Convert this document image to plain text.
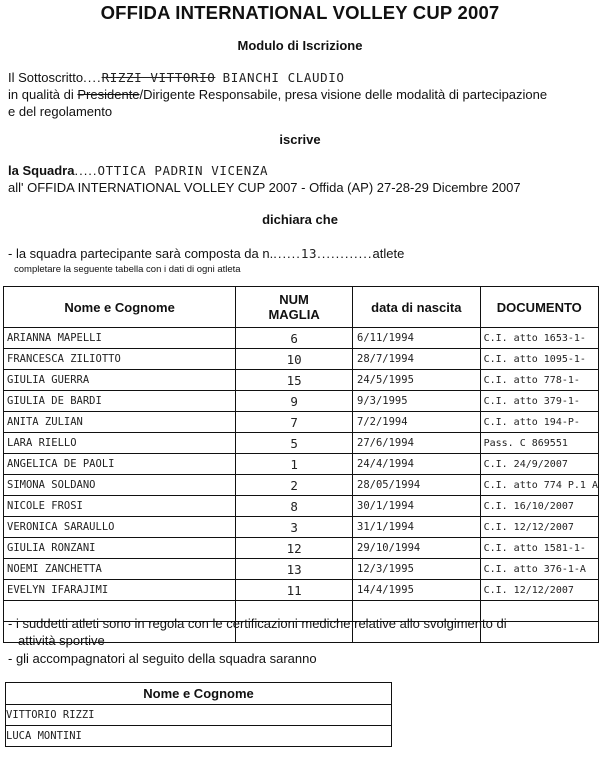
OFFIDA INTERNATIONAL VOLLEY CUP 2007
Modulo di Iscrizione
Il Sottoscritto....RIZZI VITTORIO BIANCHI CLAUDIO
in qualità di Presidente/Dirigente Responsabile, presa visione delle modalità di partecipazione
e del regolamento
iscrive
la Squadra.....OTTICA PADRIN VICENZA
all' OFFIDA INTERNATIONAL VOLLEY CUP 2007 - Offida (AP) 27-28-29 Dicembre 2007
dichiara che
- la squadra partecipante sarà composta da n.......13............atlete
completare la seguente tabella con i dati di ogni atleta
Nome e Cognome	NUM MAGLIA	data di nascita	DOCUMENTO
ARIANNA MAPELLI	6	6/11/1994	C.I. atto 1653-1-
FRANCESCA ZILIOTTO	10	28/7/1994	C.I. atto 1095-1-
GIULIA GUERRA	15	24/5/1995	C.I. atto 778-1-
GIULIA DE BARDI	9	9/3/1995	C.I. atto 379-1-
ANITA ZULIAN	7	7/2/1994	C.I. atto 194-P-
LARA RIELLO	5	27/6/1994	Pass. C 869551
ANGELICA DE PAOLI	1	24/4/1994	C.I. 24/9/2007
SIMONA SOLDANO	2	28/05/1994	C.I. atto 774 P.1 A
NICOLE FROSI	8	30/1/1994	C.I. 16/10/2007
VERONICA SARAULLO	3	31/1/1994	C.I. 12/12/2007
GIULIA RONZANI	12	29/10/1994	C.I. atto 1581-1-
NOEMI ZANCHETTA	13	12/3/1995	C.I. atto 376-1-A
EVELYN IFARAJIMI	11	14/4/1995	C.I. 12/12/2007

- i suddetti atleti sono in regola con le certificazioni mediche relative allo svolgimento di
attività sportive
- gli accompagnatori al seguito della squadra saranno
Nome e Cognome
VITTORIO RIZZI
LUCA MONTINI
